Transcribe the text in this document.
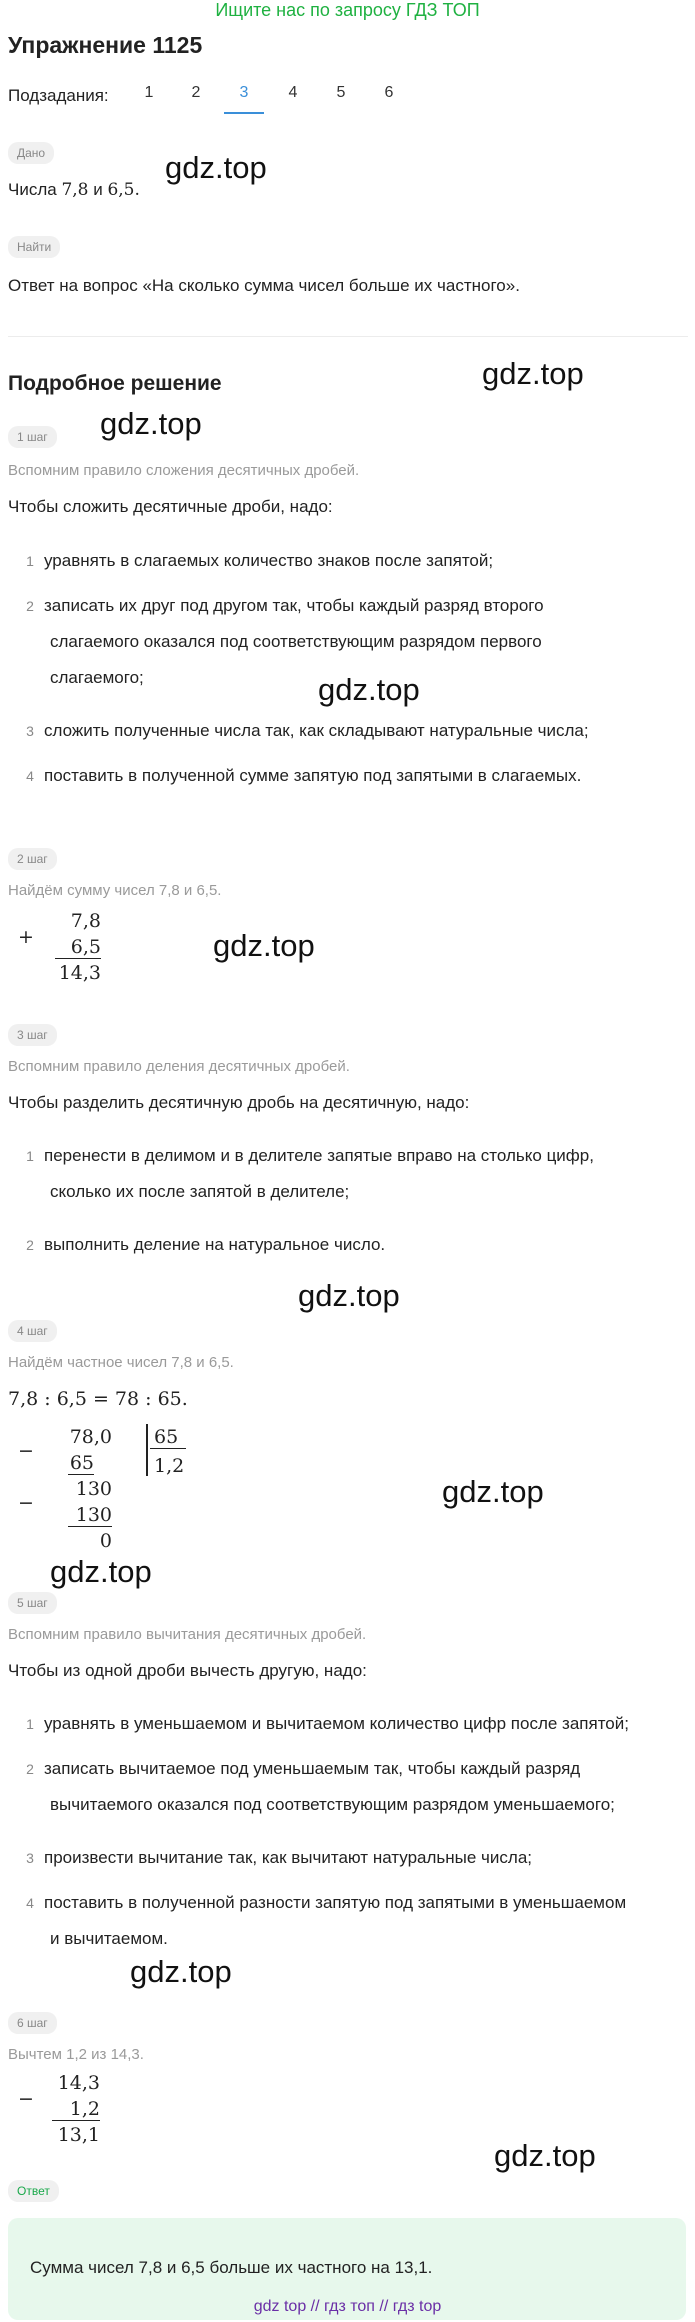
Ищите нас по запросу ГДЗ ТОП
Упражнение 1125
Подзадания:	1	2	3	4	5	6
Дано
Числа 7,8 и 6,5.
Найти
Ответ на вопрос «На сколько сумма чисел больше их частного».
Подробное решение
1 шаг
Вспомним правило сложения десятичных дробей.
Чтобы сложить десятичные дроби, надо:
1 уравнять в слагаемых количество знаков после запятой;
2 записать их друг под другом так, чтобы каждый разряд второго
слагаемого оказался под соответствующим разрядом первого
слагаемого;
3 сложить полученные числа так, как складывают натуральные числа;
4 поставить в полученной сумме запятую под запятыми в слагаемых.
2 шаг
Найдём сумму чисел 7,8 и 6,5.
+
7,8
6,5
14,3
3 шаг
Вспомним правило деления десятичных дробей.
Чтобы разделить десятичную дробь на десятичную, надо:
1 перенести в делимом и в делителе запятые вправо на столько цифр,
сколько их после запятой в делителе;
2 выполнить деление на натуральное число.
4 шаг
Найдём частное чисел 7,8 и 6,5.
7,8 : 6,5 = 78 : 65.
78,0 65
1,2
−
65
130
−
130
0
5 шаг
Вспомним правило вычитания десятичных дробей.
Чтобы из одной дроби вычесть другую, надо:
1 уравнять в уменьшаемом и вычитаемом количество цифр после запятой;
2 записать вычитаемое под уменьшаемым так, чтобы каждый разряд
вычитаемого оказался под соответствующим разрядом уменьшаемого;
3 произвести вычитание так, как вычитают натуральные числа;
4 поставить в полученной разности запятую под запятыми в уменьшаемом
и вычитаемом.
6 шаг
Вычтем 1,2 из 14,3.
−
14,3
1,2
13,1
Ответ
Сумма чисел 7,8 и 6,5 больше их частного на 13,1.
gdz.top
gdz.top
gdz.top
gdz.top
gdz.top
gdz.top
gdz.top
gdz.top
gdz.top
gdz.top
gdz top // гдз топ // гдз top
